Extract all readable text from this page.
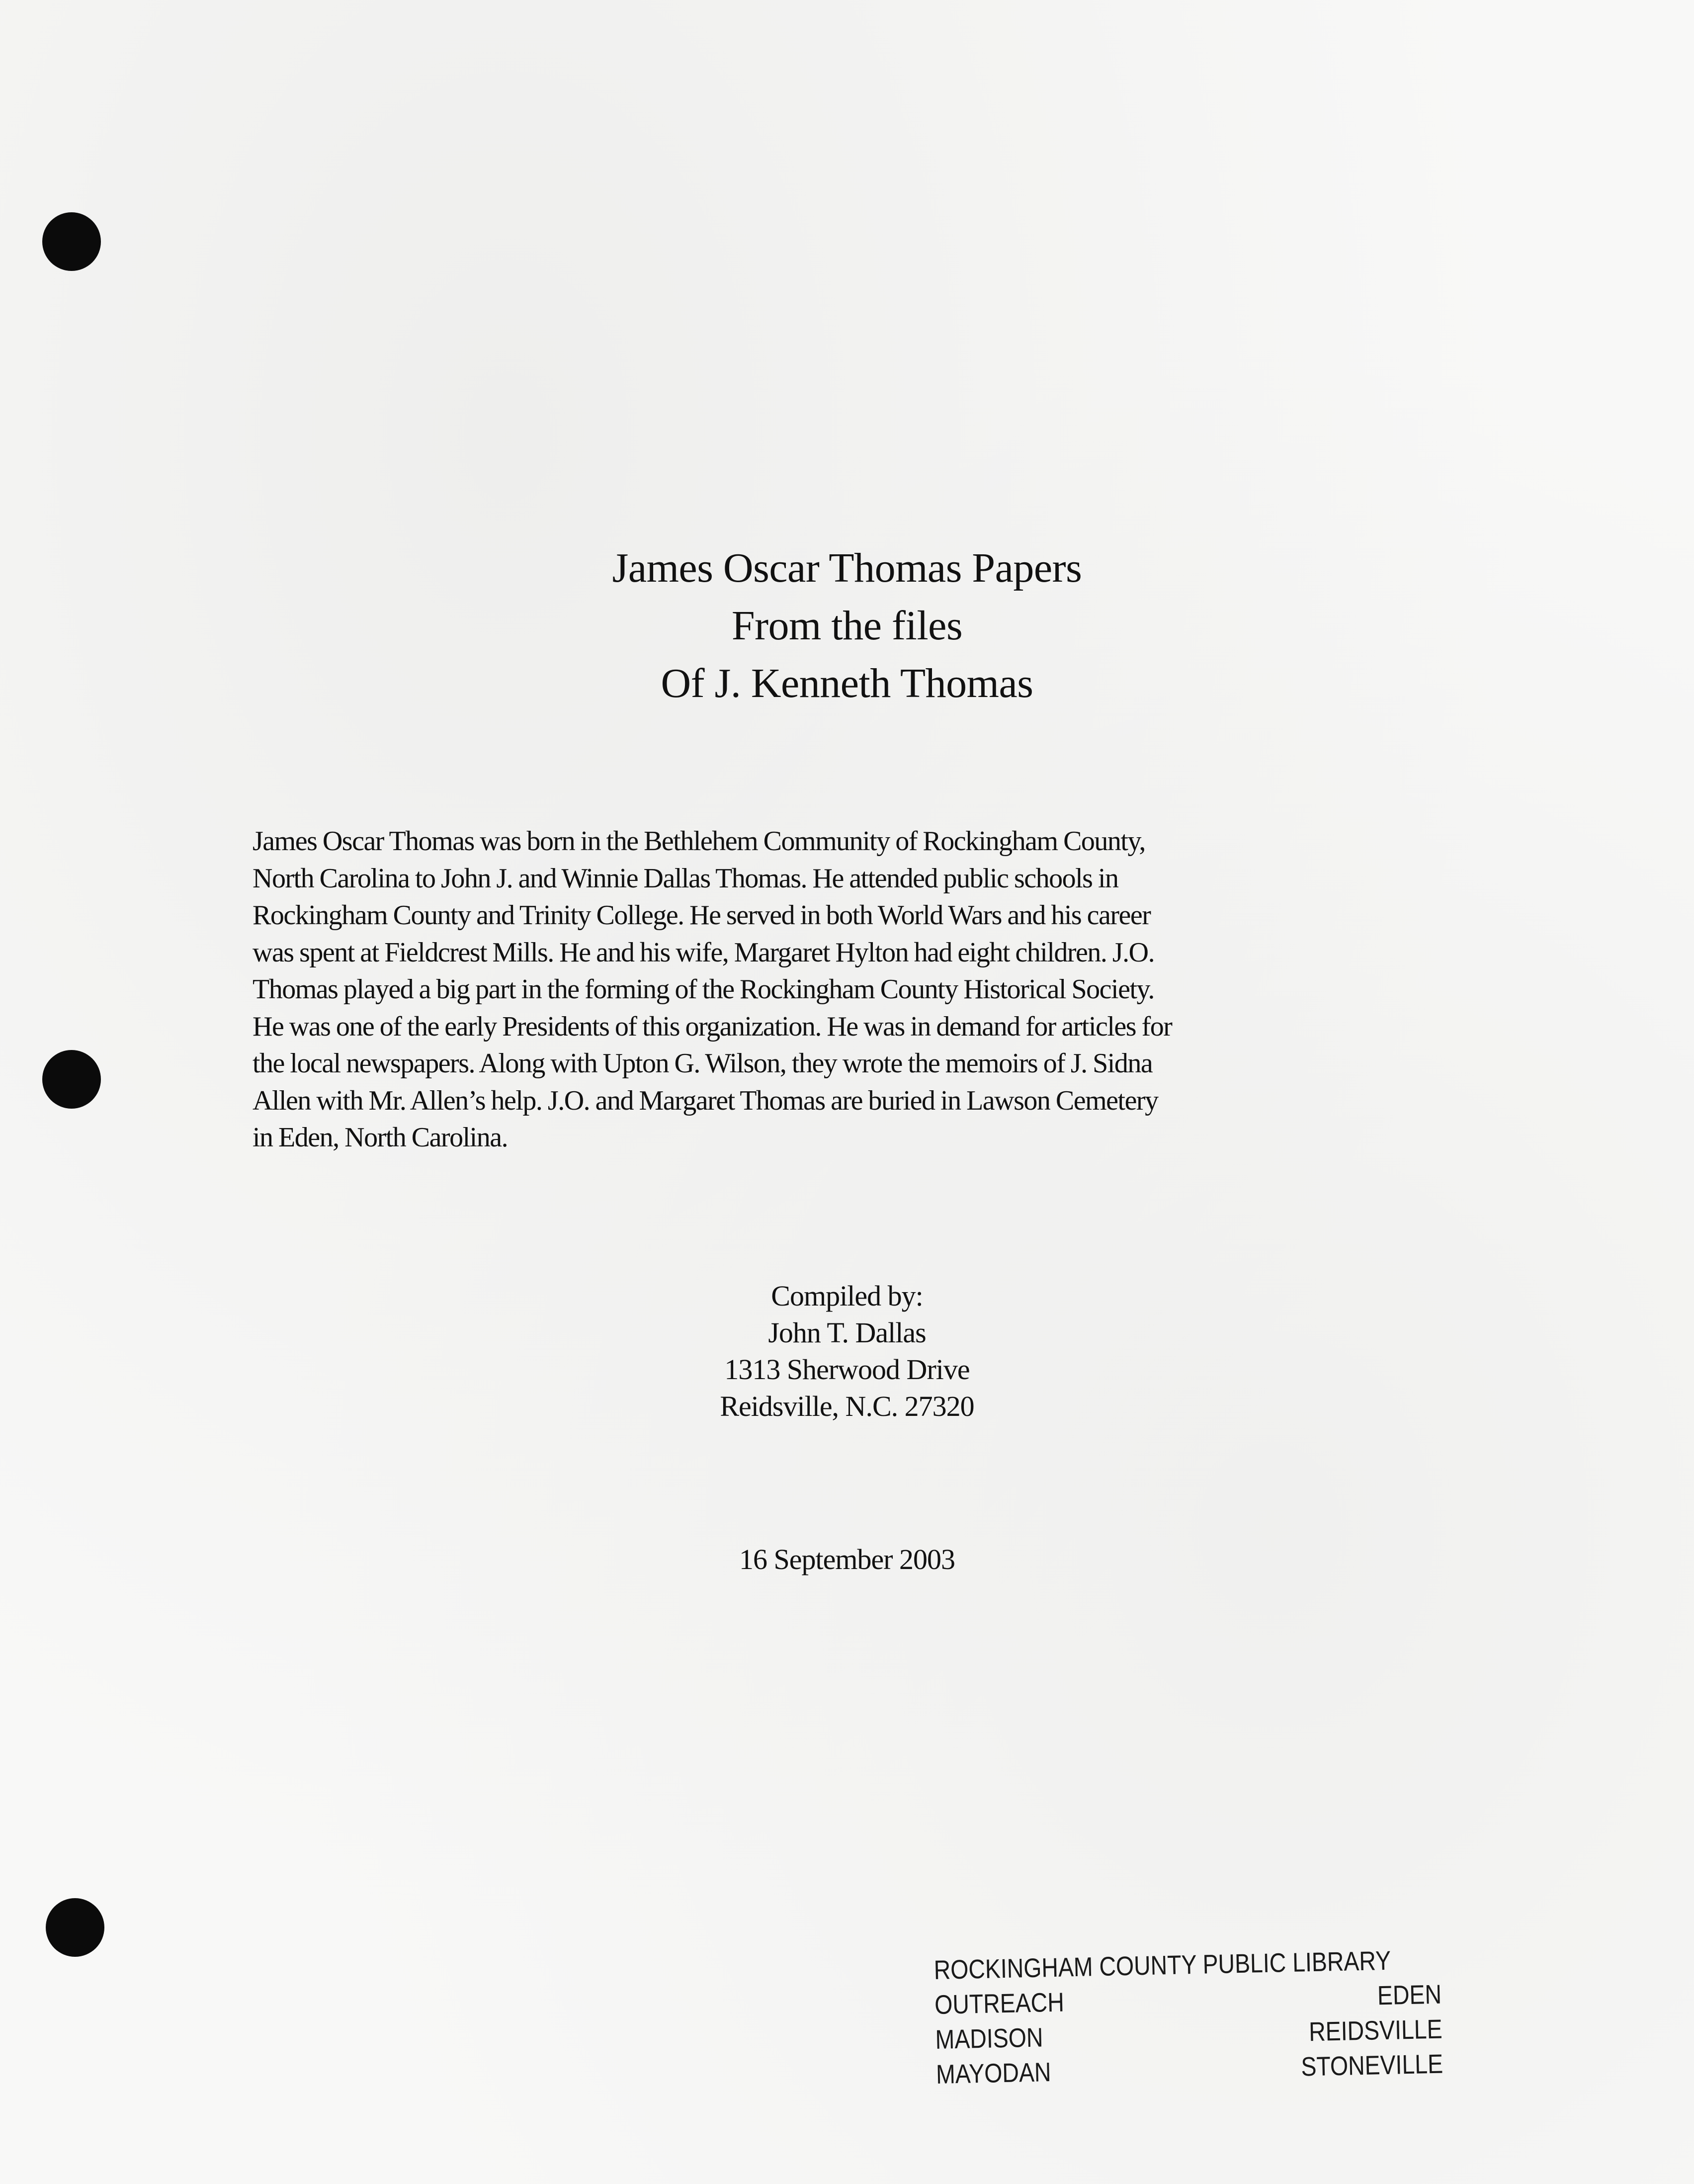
James Oscar Thomas Papers
From the files
Of J. Kenneth Thomas
James Oscar Thomas was born in the Bethlehem Community of Rockingham County,
North Carolina to John J. and Winnie Dallas Thomas. He attended public schools in
Rockingham County and Trinity College. He served in both World Wars and his career
was spent at Fieldcrest Mills. He and his wife, Margaret Hylton had eight children. J.O.
Thomas played a big part in the forming of the Rockingham County Historical Society.
He was one of the early Presidents of this organization. He was in demand for articles for
the local newspapers. Along with Upton G. Wilson, they wrote the memoirs of J. Sidna
Allen with Mr. Allen’s help. J.O. and Margaret Thomas are buried in Lawson Cemetery
in Eden, North Carolina.
Compiled by:
John T. Dallas
1313 Sherwood Drive
Reidsville, N.C. 27320
16 September 2003
ROCKINGHAM COUNTY PUBLIC LIBRARY
OUTREACH	EDEN
MADISON	REIDSVILLE
MAYODAN	STONEVILLE
